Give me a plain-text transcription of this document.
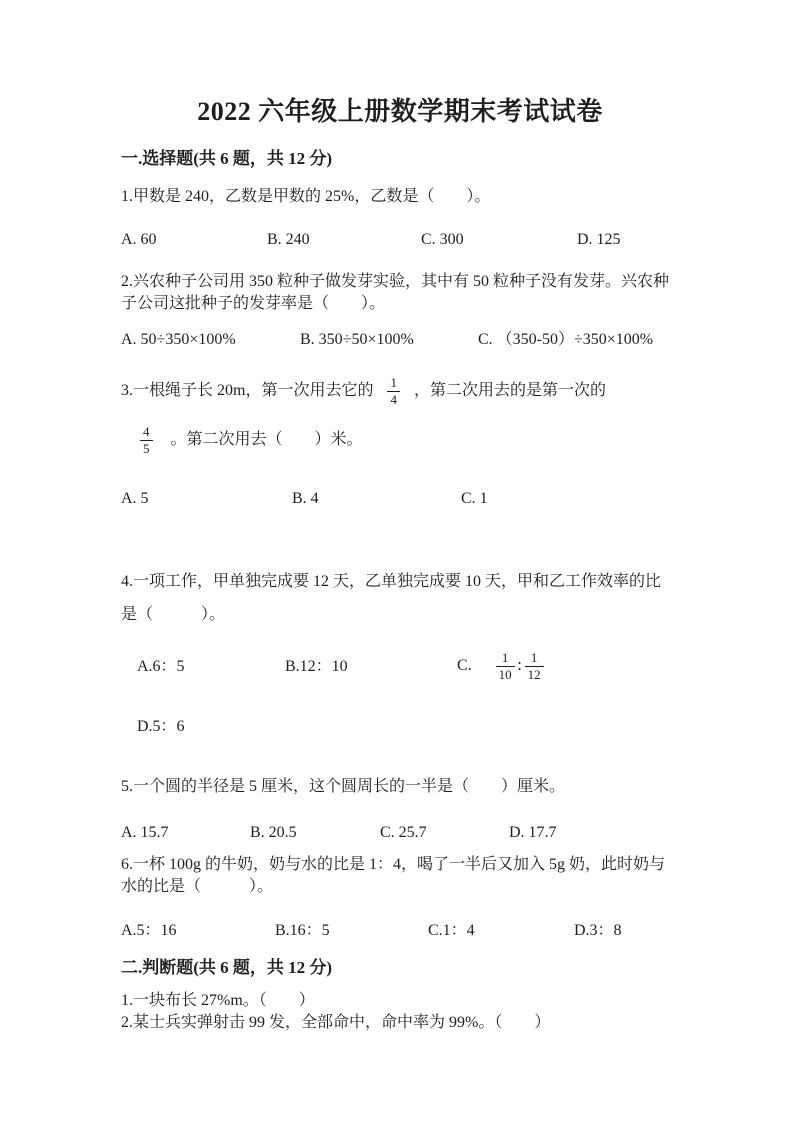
2022 六年级上册数学期末考试试卷
一.选择题(共 6 题，共 12 分)
1.甲数是 240，乙数是甲数的 25%，乙数是（　　）。
A. 60	B. 240	C. 300	D. 125
2.兴农种子公司用 350 粒种子做发芽实验，其中有 50 粒种子没有发芽。兴农种
子公司这批种子的发芽率是（　　）。
A. 50÷350×100%	B. 350÷50×100%	C. （350-50）÷350×100%
3.一根绳子长 20m，第一次用去它的 $\frac{1}{4}$ ，第二次用去的是第一次的
$\frac{4}{5}$ 。第二次用去（　　）米。
A. 5	B. 4	C. 1
4.一项工作，甲单独完成要 12 天，乙单独完成要 10 天，甲和乙工作效率的比
是（　　　）。
A.6：5	B.12：10	C. $\frac{1}{10}$ ∶ $\frac{1}{12}$
D.5：6
5.一个圆的半径是 5 厘米，这个圆周长的一半是（　　）厘米。
A. 15.7	B. 20.5	C. 25.7	D. 17.7
6.一杯 100g 的牛奶，奶与水的比是 1：4，喝了一半后又加入 5g 奶，此时奶与
水的比是（　　　）。
A.5：16	B.16：5	C.1：4	D.3：8
二.判断题(共 6 题，共 12 分)
1.一块布长 27%m。（　　）
2.某士兵实弹射击 99 发，全部命中，命中率为 99%。（　　）
